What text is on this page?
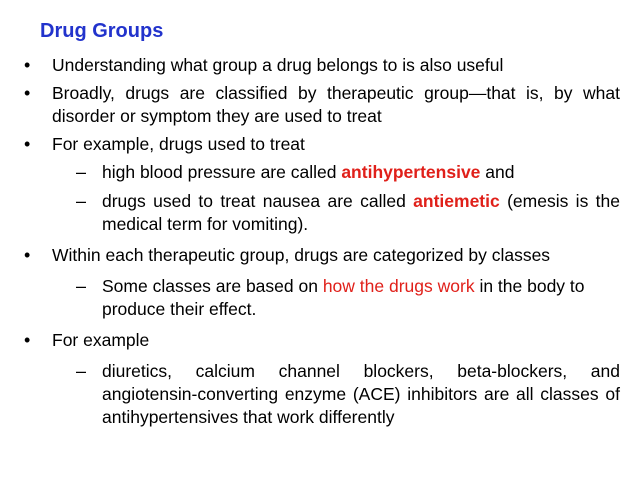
Drug Groups
• Understanding what group a drug belongs to is also useful
• Broadly, drugs are classified by therapeutic group—that is, by what disorder or symptom they are used to treat
• For example, drugs used to treat
– high blood pressure are called antihypertensive and
– drugs used to treat nausea are called antiemetic (emesis is the medical term for vomiting).
• Within each therapeutic group, drugs are categorized by classes
– Some classes are based on how the drugs work in the body to produce their effect.
• For example
– diuretics, calcium channel blockers, beta-blockers, and angiotensin-converting enzyme (ACE) inhibitors are all classes of antihypertensives that work differently
